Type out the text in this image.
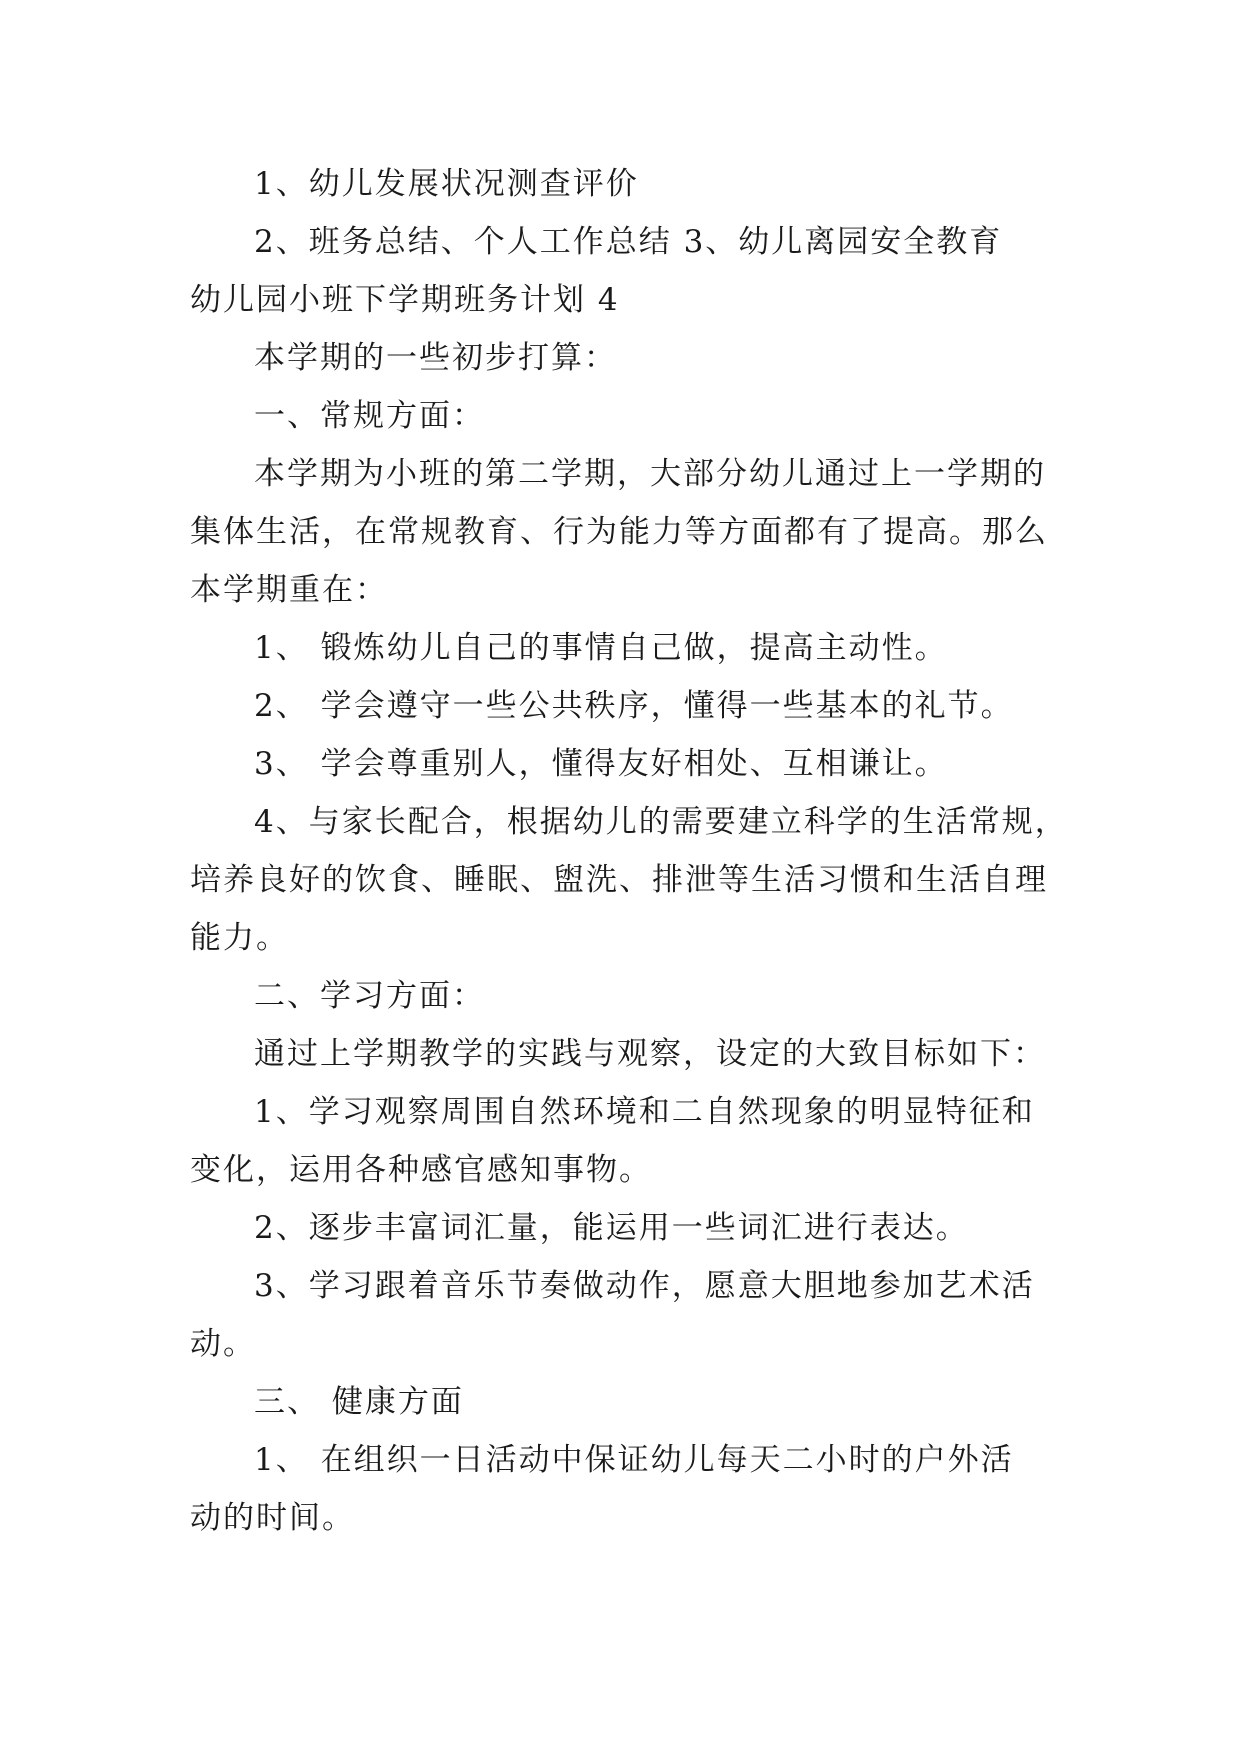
1、幼儿发展状况测查评价
2、班务总结、个人工作总结 3、幼儿离园安全教育
幼儿园小班下学期班务计划 4
本学期的一些初步打算：
一、常规方面：
本学期为小班的第二学期，大部分幼儿通过上一学期的
集体生活，在常规教育、行为能力等方面都有了提高。那么
本学期重在：
1、 锻炼幼儿自己的事情自己做，提高主动性。
2、 学会遵守一些公共秩序，懂得一些基本的礼节。
3、 学会尊重别人，懂得友好相处、互相谦让。
4、与家长配合，根据幼儿的需要建立科学的生活常规，
培养良好的饮食、睡眠、盥洗、排泄等生活习惯和生活自理
能力。
二、学习方面：
通过上学期教学的实践与观察，设定的大致目标如下：
1、学习观察周围自然环境和二自然现象的明显特征和
变化，运用各种感官感知事物。
2、逐步丰富词汇量，能运用一些词汇进行表达。
3、学习跟着音乐节奏做动作，愿意大胆地参加艺术活
动。
三、 健康方面
1、 在组织一日活动中保证幼儿每天二小时的户外活
动的时间。
